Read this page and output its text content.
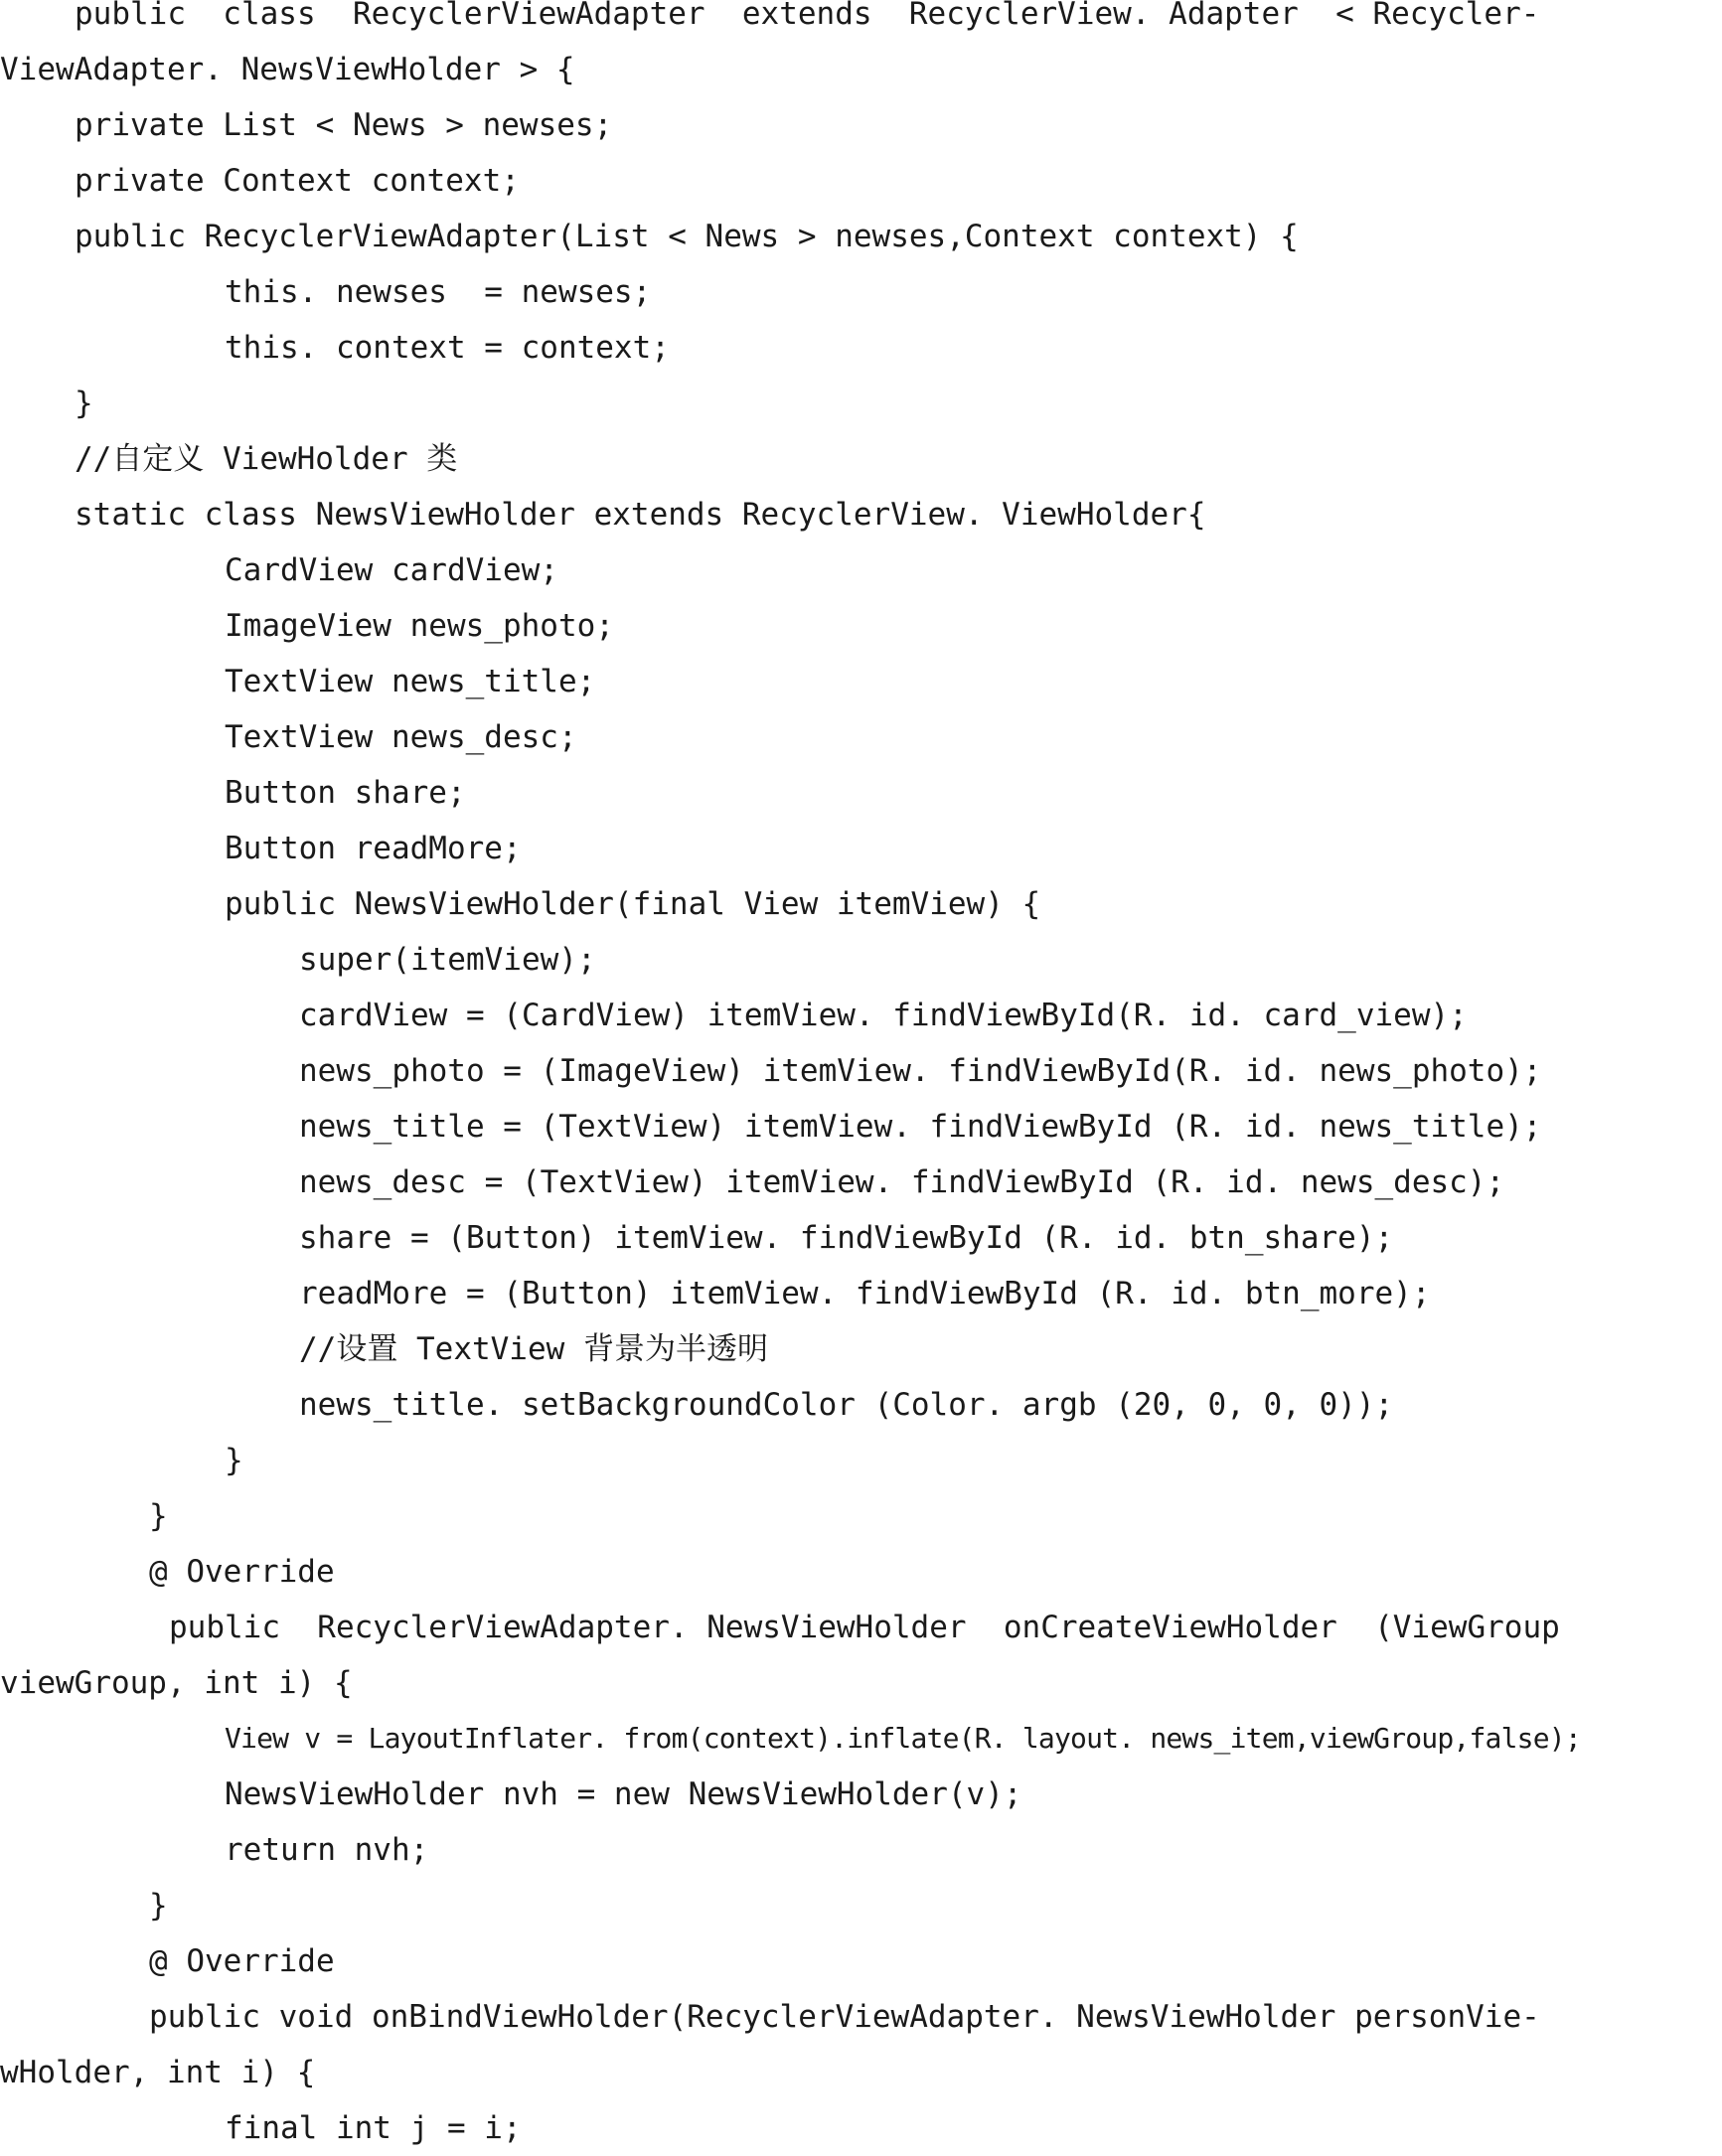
public  class  RecyclerViewAdapter  extends  RecyclerView. Adapter  < Recycler-
ViewAdapter. NewsViewHolder > {
private List < News > newses;
private Context context;
public RecyclerViewAdapter(List < News > newses,Context context) {
this. newses  = newses;
this. context = context;
}
//自定义 ViewHolder 类
static class NewsViewHolder extends RecyclerView. ViewHolder{
CardView cardView;
ImageView news_photo;
TextView news_title;
TextView news_desc;
Button share;
Button readMore;
public NewsViewHolder(final View itemView) {
super(itemView);
cardView = (CardView) itemView. findViewById(R. id. card_view);
news_photo = (ImageView) itemView. findViewById(R. id. news_photo);
news_title = (TextView) itemView. findViewById (R. id. news_title);
news_desc = (TextView) itemView. findViewById (R. id. news_desc);
share = (Button) itemView. findViewById (R. id. btn_share);
readMore = (Button) itemView. findViewById (R. id. btn_more);
//设置 TextView 背景为半透明
news_title. setBackgroundColor (Color. argb (20, 0, 0, 0));
}
}
@ Override
public  RecyclerViewAdapter. NewsViewHolder  onCreateViewHolder  (ViewGroup
viewGroup, int i) {
View v = LayoutInflater. from(context).inflate(R. layout. news_item,viewGroup,false);
NewsViewHolder nvh = new NewsViewHolder(v);
return nvh;
}
@ Override
public void onBindViewHolder(RecyclerViewAdapter. NewsViewHolder personVie-
wHolder, int i) {
final int j = i;
